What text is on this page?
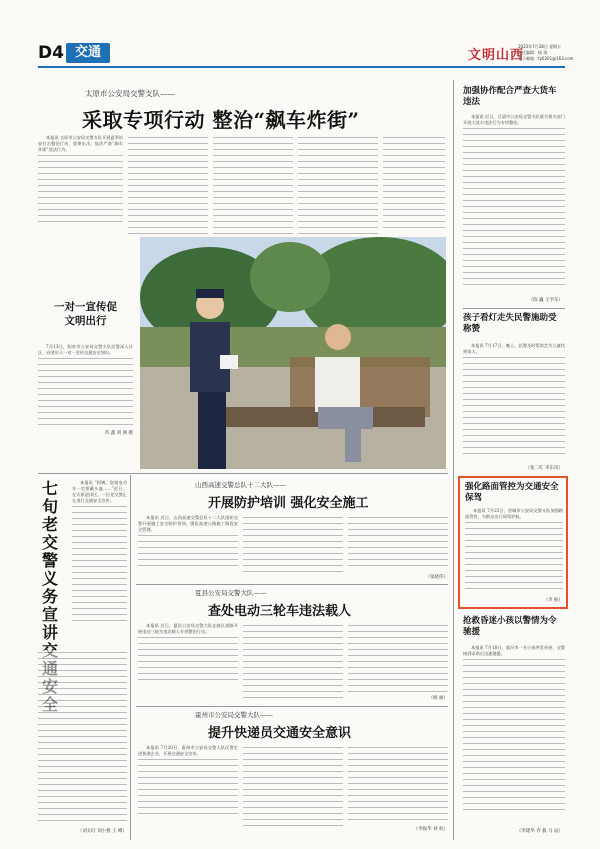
D4 交通	文明山西
2023年7月28日 星期五
责任编辑：杨 琦
电子邮箱：ty0201@163.com
太原市公安局交警支队——
采取专项行动 整治“飙车炸街”

本报讯 太原市公安局交警支队开展夏季治安打击整治行动，重拳出击，依法严查“飙车炸街”违法行为。

一对一宣传促文明出行

7月13日，阳泉市公安局交警支队民警深入社区，向老年人一对一宣传交通安全知识。

芮 鑫 刘 洲 摄
加强协作配合严查大货车违法

本报讯 近日，吕梁市公安局交警支队联合相关部门开展大货车违法行为专项整治。

（陈 巍 王学东）
孩子看灯走失民警施助受称赞

本报讯 7月17日，晚上，民警及时帮助走失儿童找到家人。

（张二红 李东风）
强化路面管控为交通安全保驾

本报讯 7月23日，晋城市公安局交警支队加强路面管控，为群众出行保驾护航。

（李 振）
抢救昏迷小孩以警情为令驰援

本报讯 7月18日，临汾市一名小孩突发昏迷，交警接到求助后迅速驰援。

（李建华 乔 毅 马 辰）
七旬老交警义务宣讲

本报讯 “阿姨，您骑电动车一定要戴头盔……”近日，在太原迎泽区，一位老交警正在进行交通安全宣传。

（刘太旺 刘小燕 王 峰）
山西高速交警总队十二大队——
开展防护培训 强化安全施工

本报讯 近日，山西高速交警总队十二大队组织交警开展施工安全防护培训，强化高速公路施工路段安全管理。

（张晓伟）
夏县公安局交警大队——
查处电动三轮车违法载人

本报讯 近日，夏县公安局交警大队在辖区道路开展电动三轮车违法载人专项整治行动。

（杨 丽）
霍州市公安局交警大队——
提升快递员交通安全意识

本报讯 7月20日，霍州市公安局交警大队民警走进快递企业，开展交通安全宣传。

（李振华 刘 权）
